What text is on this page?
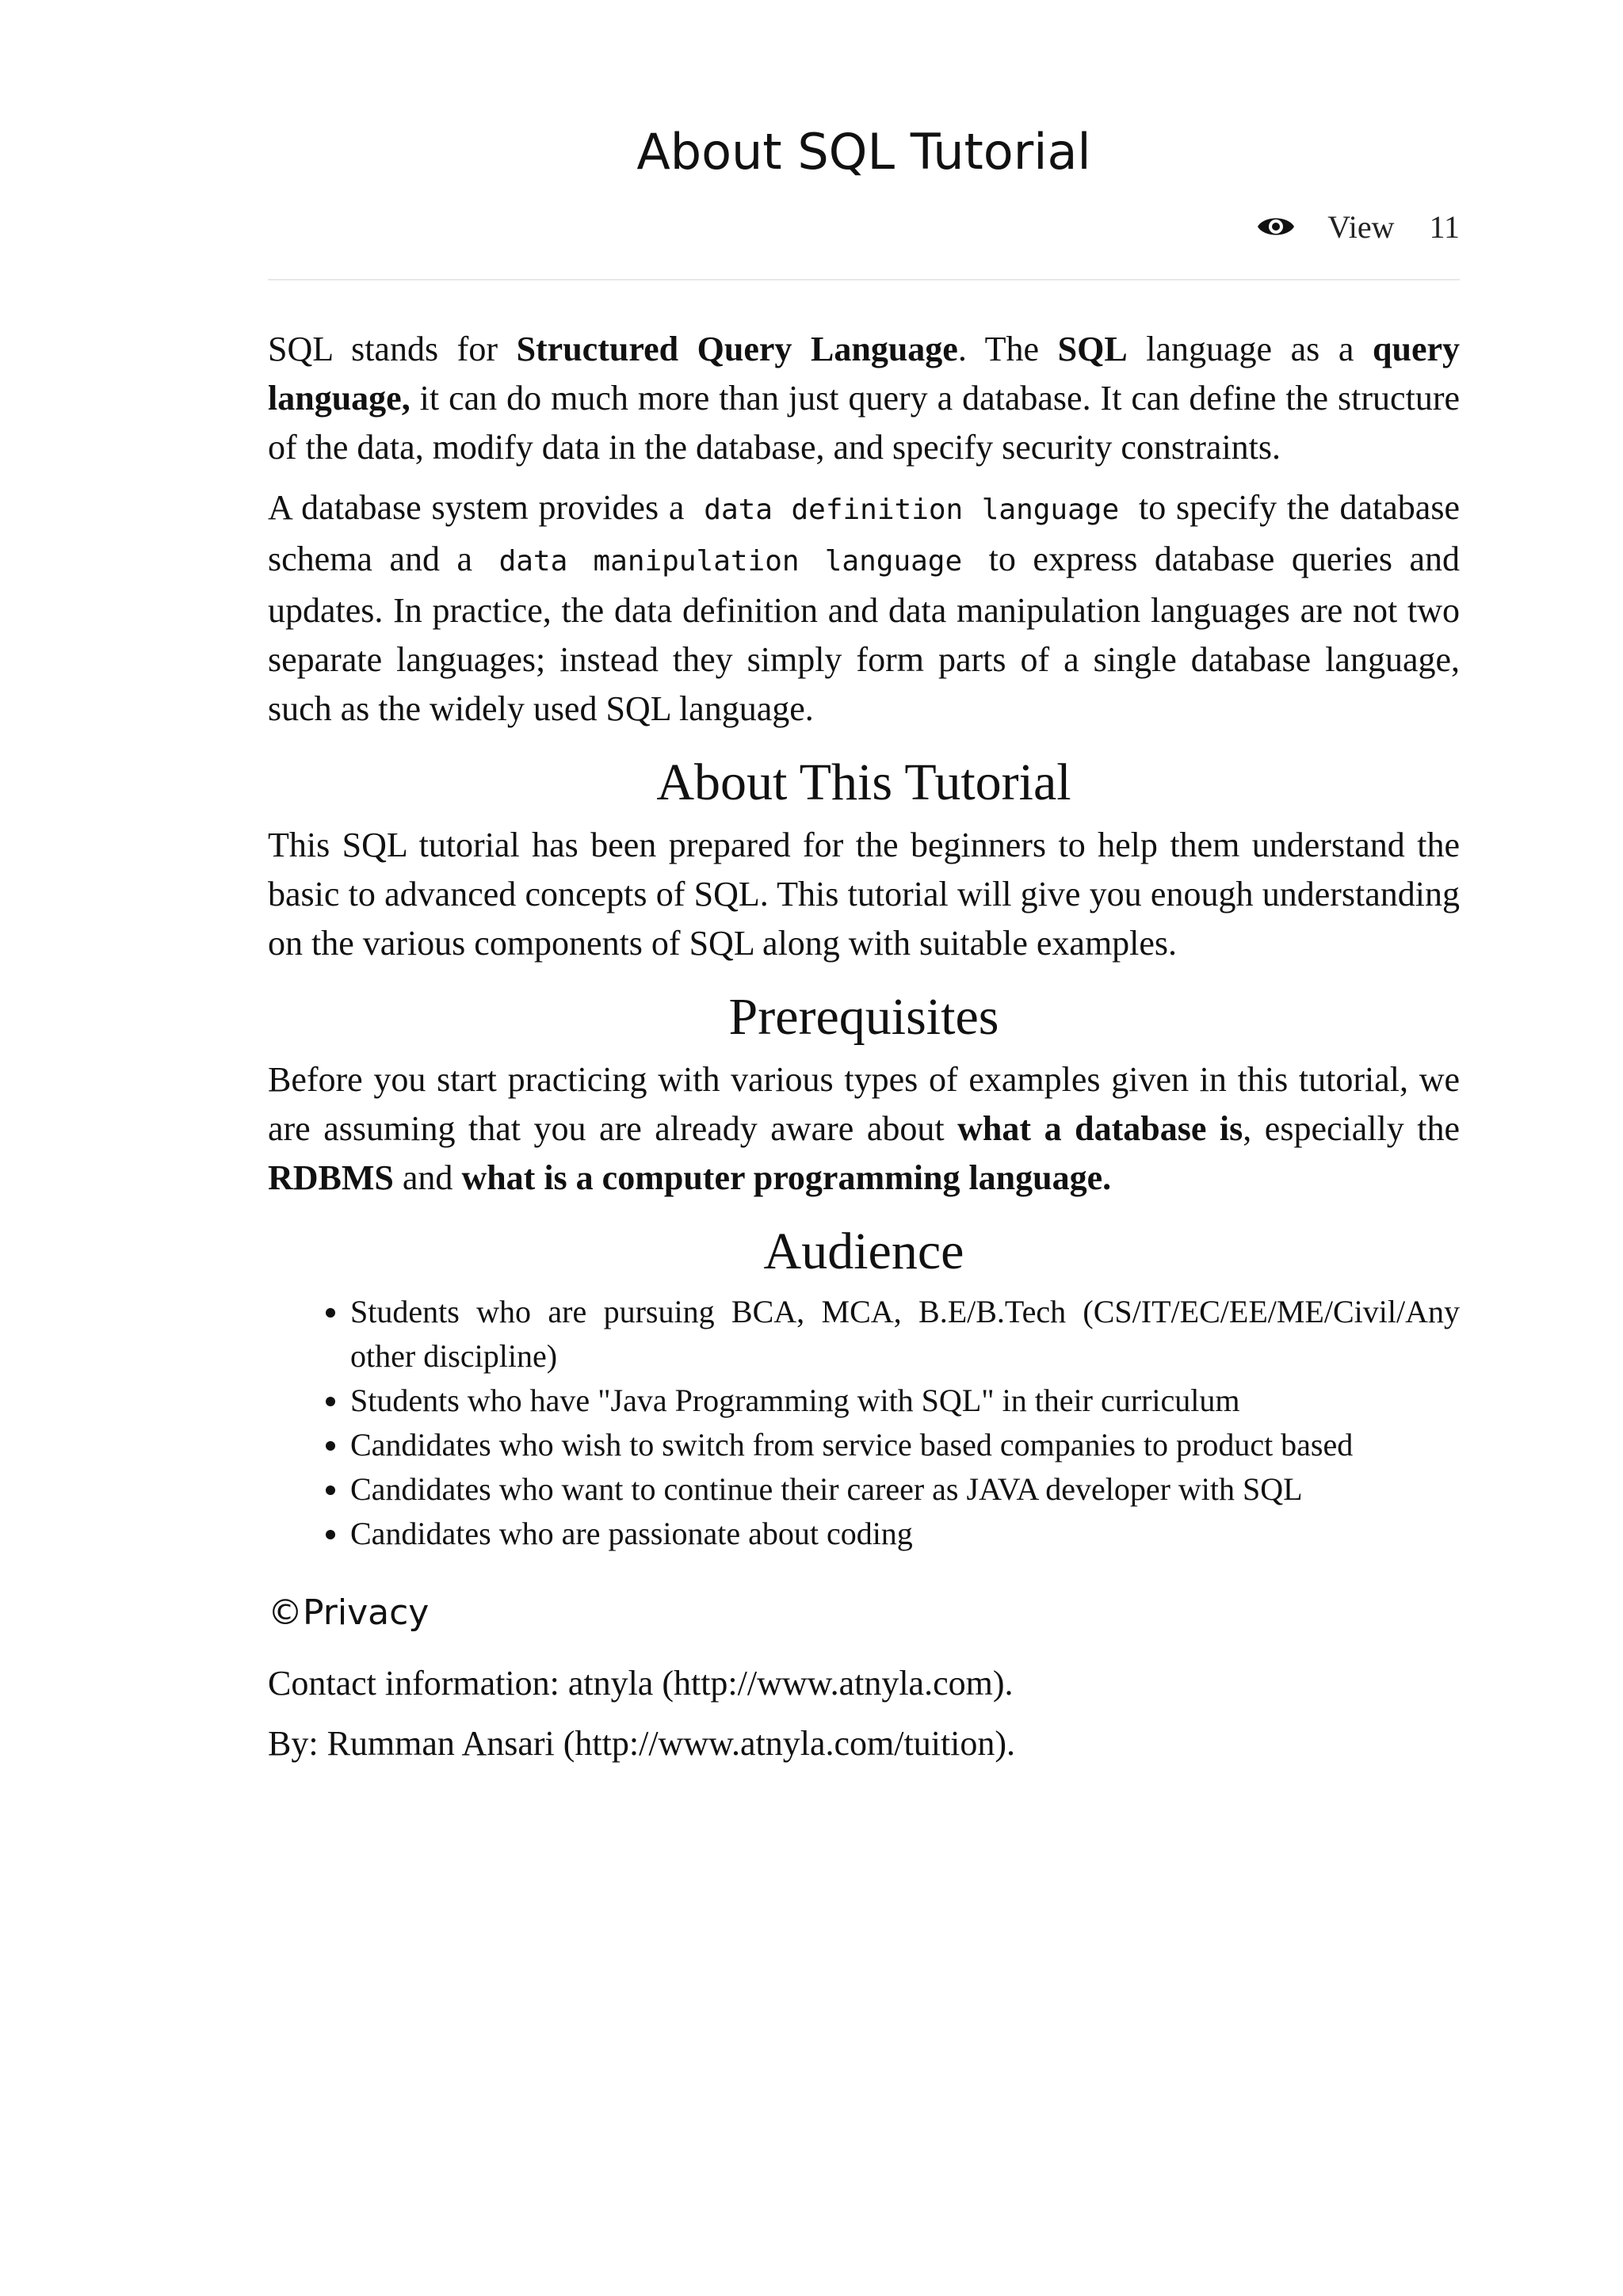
About SQL Tutorial
View 11

SQL stands for Structured Query Language. The SQL language as a query language, it can do much more than just query a database. It can define the structure of the data, modify data in the database, and specify security constraints.

A database system provides a data definition language to specify the database schema and a data manipulation language to express database queries and updates. In practice, the data definition and data manipulation languages are not two separate languages; instead they simply form parts of a single database language, such as the widely used SQL language.

About This Tutorial

This SQL tutorial has been prepared for the beginners to help them understand the basic to advanced concepts of SQL. This tutorial will give you enough understanding on the various components of SQL along with suitable examples.

Prerequisites

Before you start practicing with various types of examples given in this tutorial, we are assuming that you are already aware about what a database is, especially the RDBMS and what is a computer programming language.

Audience
• Students who are pursuing BCA, MCA, B.E/B.Tech (CS/IT/EC/EE/ME/Civil/Any other discipline)
• Students who have "Java Programming with SQL" in their curriculum
• Candidates who wish to switch from service based companies to product based
• Candidates who want to continue their career as JAVA developer with SQL
• Candidates who are passionate about coding
©Privacy

Contact information: atnyla (http://www.atnyla.com).

By: Rumman Ansari (http://www.atnyla.com/tuition).
